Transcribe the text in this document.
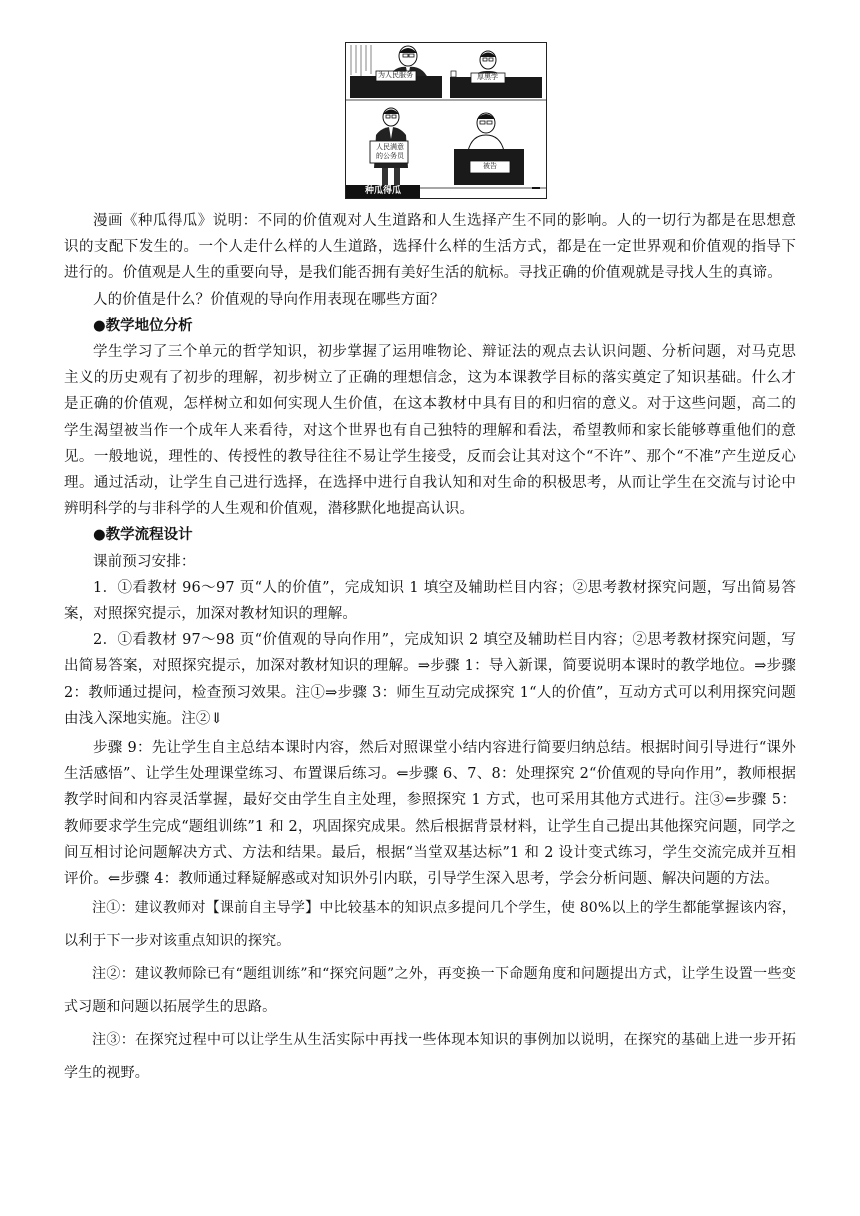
为人民服务	厚黑学
人民满意
的公务员
被告
种瓜得瓜

漫画《种瓜得瓜》说明：不同的价值观对人生道路和人生选择产生不同的影响。人的一切行为都是在思想意识的支配下发生的。一个人走什么样的人生道路，选择什么样的生活方式，都是在一定世界观和价值观的指导下进行的。价值观是人生的重要向导，是我们能否拥有美好生活的航标。寻找正确的价值观就是寻找人生的真谛。

人的价值是什么？价值观的导向作用表现在哪些方面？

●教学地位分析

学生学习了三个单元的哲学知识，初步掌握了运用唯物论、辩证法的观点去认识问题、分析问题，对马克思主义的历史观有了初步的理解，初步树立了正确的理想信念，这为本课教学目标的落实奠定了知识基础。什么才是正确的价值观，怎样树立和如何实现人生价值，在这本教材中具有目的和归宿的意义。对于这些问题，高二的学生渴望被当作一个成年人来看待，对这个世界也有自己独特的理解和看法，希望教师和家长能够尊重他们的意见。一般地说，理性的、传授性的教导往往不易让学生接受，反而会让其对这个“不许”、那个“不准”产生逆反心理。通过活动，让学生自己进行选择，在选择中进行自我认知和对生命的积极思考，从而让学生在交流与讨论中辨明科学的与非科学的人生观和价值观，潜移默化地提高认识。

●教学流程设计

课前预习安排：

1．①看教材 96～97 页“人的价值”，完成知识 1 填空及辅助栏目内容；②思考教材探究问题，写出简易答案，对照探究提示，加深对教材知识的理解。

2．①看教材 97～98 页“价值观的导向作用”，完成知识 2 填空及辅助栏目内容；②思考教材探究问题，写出简易答案，对照探究提示，加深对教材知识的理解。⇒步骤 1：导入新课，简要说明本课时的教学地位。⇒步骤 2：教师通过提问，检查预习效果。注①⇒步骤 3：师生互动完成探究 1“人的价值”，互动方式可以利用探究问题由浅入深地实施。注②⇓

步骤 9：先让学生自主总结本课时内容，然后对照课堂小结内容进行简要归纳总结。根据时间引导进行“课外生活感悟”、让学生处理课堂练习、布置课后练习。⇐步骤 6、7、8：处理探究 2“价值观的导向作用”，教师根据教学时间和内容灵活掌握，最好交由学生自主处理，参照探究 1 方式，也可采用其他方式进行。注③⇐步骤 5：教师要求学生完成“题组训练”1 和 2，巩固探究成果。然后根据背景材料，让学生自己提出其他探究问题，同学之间互相讨论问题解决方式、方法和结果。最后，根据“当堂双基达标”1 和 2 设计变式练习，学生交流完成并互相评价。⇐步骤 4：教师通过释疑解惑或对知识外引内联，引导学生深入思考，学会分析问题、解决问题的方法。

注①：建议教师对【课前自主导学】中比较基本的知识点多提问几个学生，使 80%以上的学生都能掌握该内容，以利于下一步对该重点知识的探究。

注②：建议教师除已有“题组训练”和“探究问题”之外，再变换一下命题角度和问题提出方式，让学生设置一些变式习题和问题以拓展学生的思路。

注③：在探究过程中可以让学生从生活实际中再找一些体现本知识的事例加以说明，在探究的基础上进一步开拓学生的视野。
